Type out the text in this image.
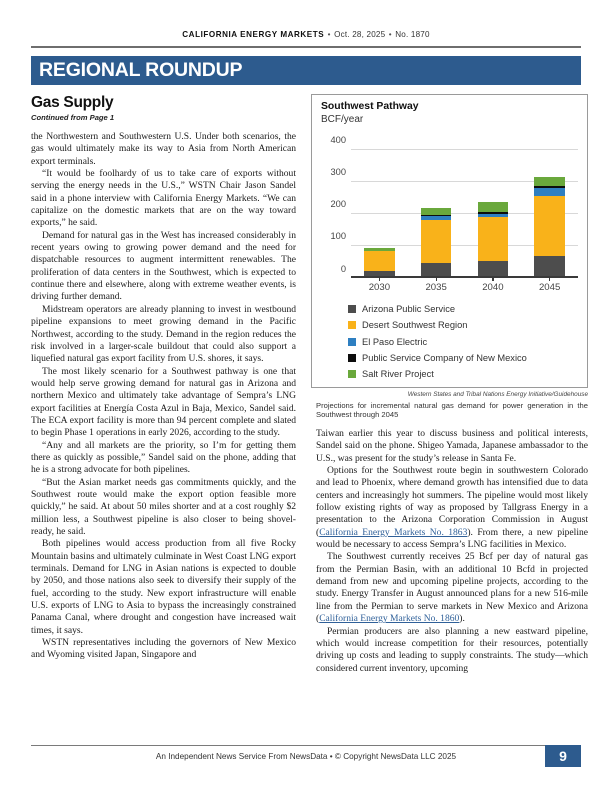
CALIFORNIA ENERGY MARKETS • Oct. 28, 2025 • No. 1870
REGIONAL ROUNDUP
Gas Supply
Continued from Page 1

the Northwestern and Southwestern U.S. Under both scenarios, the gas would ultimately make its way to Asia from North American export terminals.

“It would be foolhardy of us to take care of exports without serving the energy needs in the U.S.,” WSTN Chair Jason Sandel said in a phone interview with California Energy Markets. “We can capitalize on the domestic markets that are on the way toward exports,” he said.

Demand for natural gas in the West has increased considerably in recent years owing to growing power demand and the need for dispatchable resources to augment intermittent renewables. The proliferation of data centers in the Southwest, which is expected to continue there and elsewhere, along with extreme weather events, is driving further demand.

Midstream operators are already planning to invest in westbound pipeline expansions to meet growing demand in the Pacific Northwest, according to the study. Demand in the region reduces the risk involved in a larger-scale buildout that could also support a liquefied natural gas export facility from U.S. shores, it says.

The most likely scenario for a Southwest pathway is one that would help serve growing demand for natural gas in Arizona and northern Mexico and ultimately take advantage of Sempra’s LNG export facilities at Energía Costa Azul in Baja, Mexico, Sandel said. The ECA export facility is more than 94 percent complete and slated to begin Phase 1 operations in early 2026, according to the study.

“Any and all markets are the priority, so I’m for getting them there as quickly as possible,” Sandel said on the phone, adding that he is a strong advocate for both pipelines.

“But the Asian market needs gas commitments quickly, and the Southwest route would make the export option feasible more quickly,” he said. At about 50 miles shorter and at a cost roughly $2 million less, a Southwest pipeline is also closer to being shovel-ready, he said.

Both pipelines would access production from all five Rocky Mountain basins and ultimately culminate in West Coast LNG export terminals. Demand for LNG in Asian nations is expected to double by 2050, and those nations also seek to diversify their supply of the fuel, according to the study. New export infrastructure will enable U.S. exports of LNG to Asia to bypass the increasingly constrained Panama Canal, where drought and congestion have increased wait times, it says.

WSTN representatives including the governors of New Mexico and Wyoming visited Japan, Singapore and

Southwest Pathway
BCF/year
0
100
200
300
400
2030	2035	2040	2045
Arizona Public Service
Desert Southwest Region
El Paso Electric
Public Service Company of New Mexico
Salt River Project
Western States and Tribal Nations Energy Initiative/Guidehouse
Projections for incremental natural gas demand for power generation in the Southwest through 2045

Taiwan earlier this year to discuss business and political interests, Sandel said on the phone. Shigeo Yamada, Japanese ambassador to the U.S., was present for the study’s release in Santa Fe.

Options for the Southwest route begin in southwestern Colorado and lead to Phoenix, where demand growth has intensified due to data centers and increasingly hot summers. The pipeline would most likely follow existing rights of way as proposed by Tallgrass Energy in a presentation to the Arizona Corporation Commission in August (California Energy Markets No. 1863). From there, a new pipeline would be necessary to access Sempra’s LNG facilities in Mexico.

The Southwest currently receives 25 Bcf per day of natural gas from the Permian Basin, with an additional 10 Bcfd in projected demand from new and upcoming pipeline projects, according to the study. Energy Transfer in August announced plans for a new 516-mile line from the Permian to serve markets in New Mexico and Arizona (California Energy Markets No. 1860).

Permian producers are also planning a new eastward pipeline, which would increase competition for their resources, potentially driving up costs and leading to supply constraints. The study—which considered current inventory, upcoming

An Independent News Service From NewsData • © Copyright NewsData LLC 2025	9
